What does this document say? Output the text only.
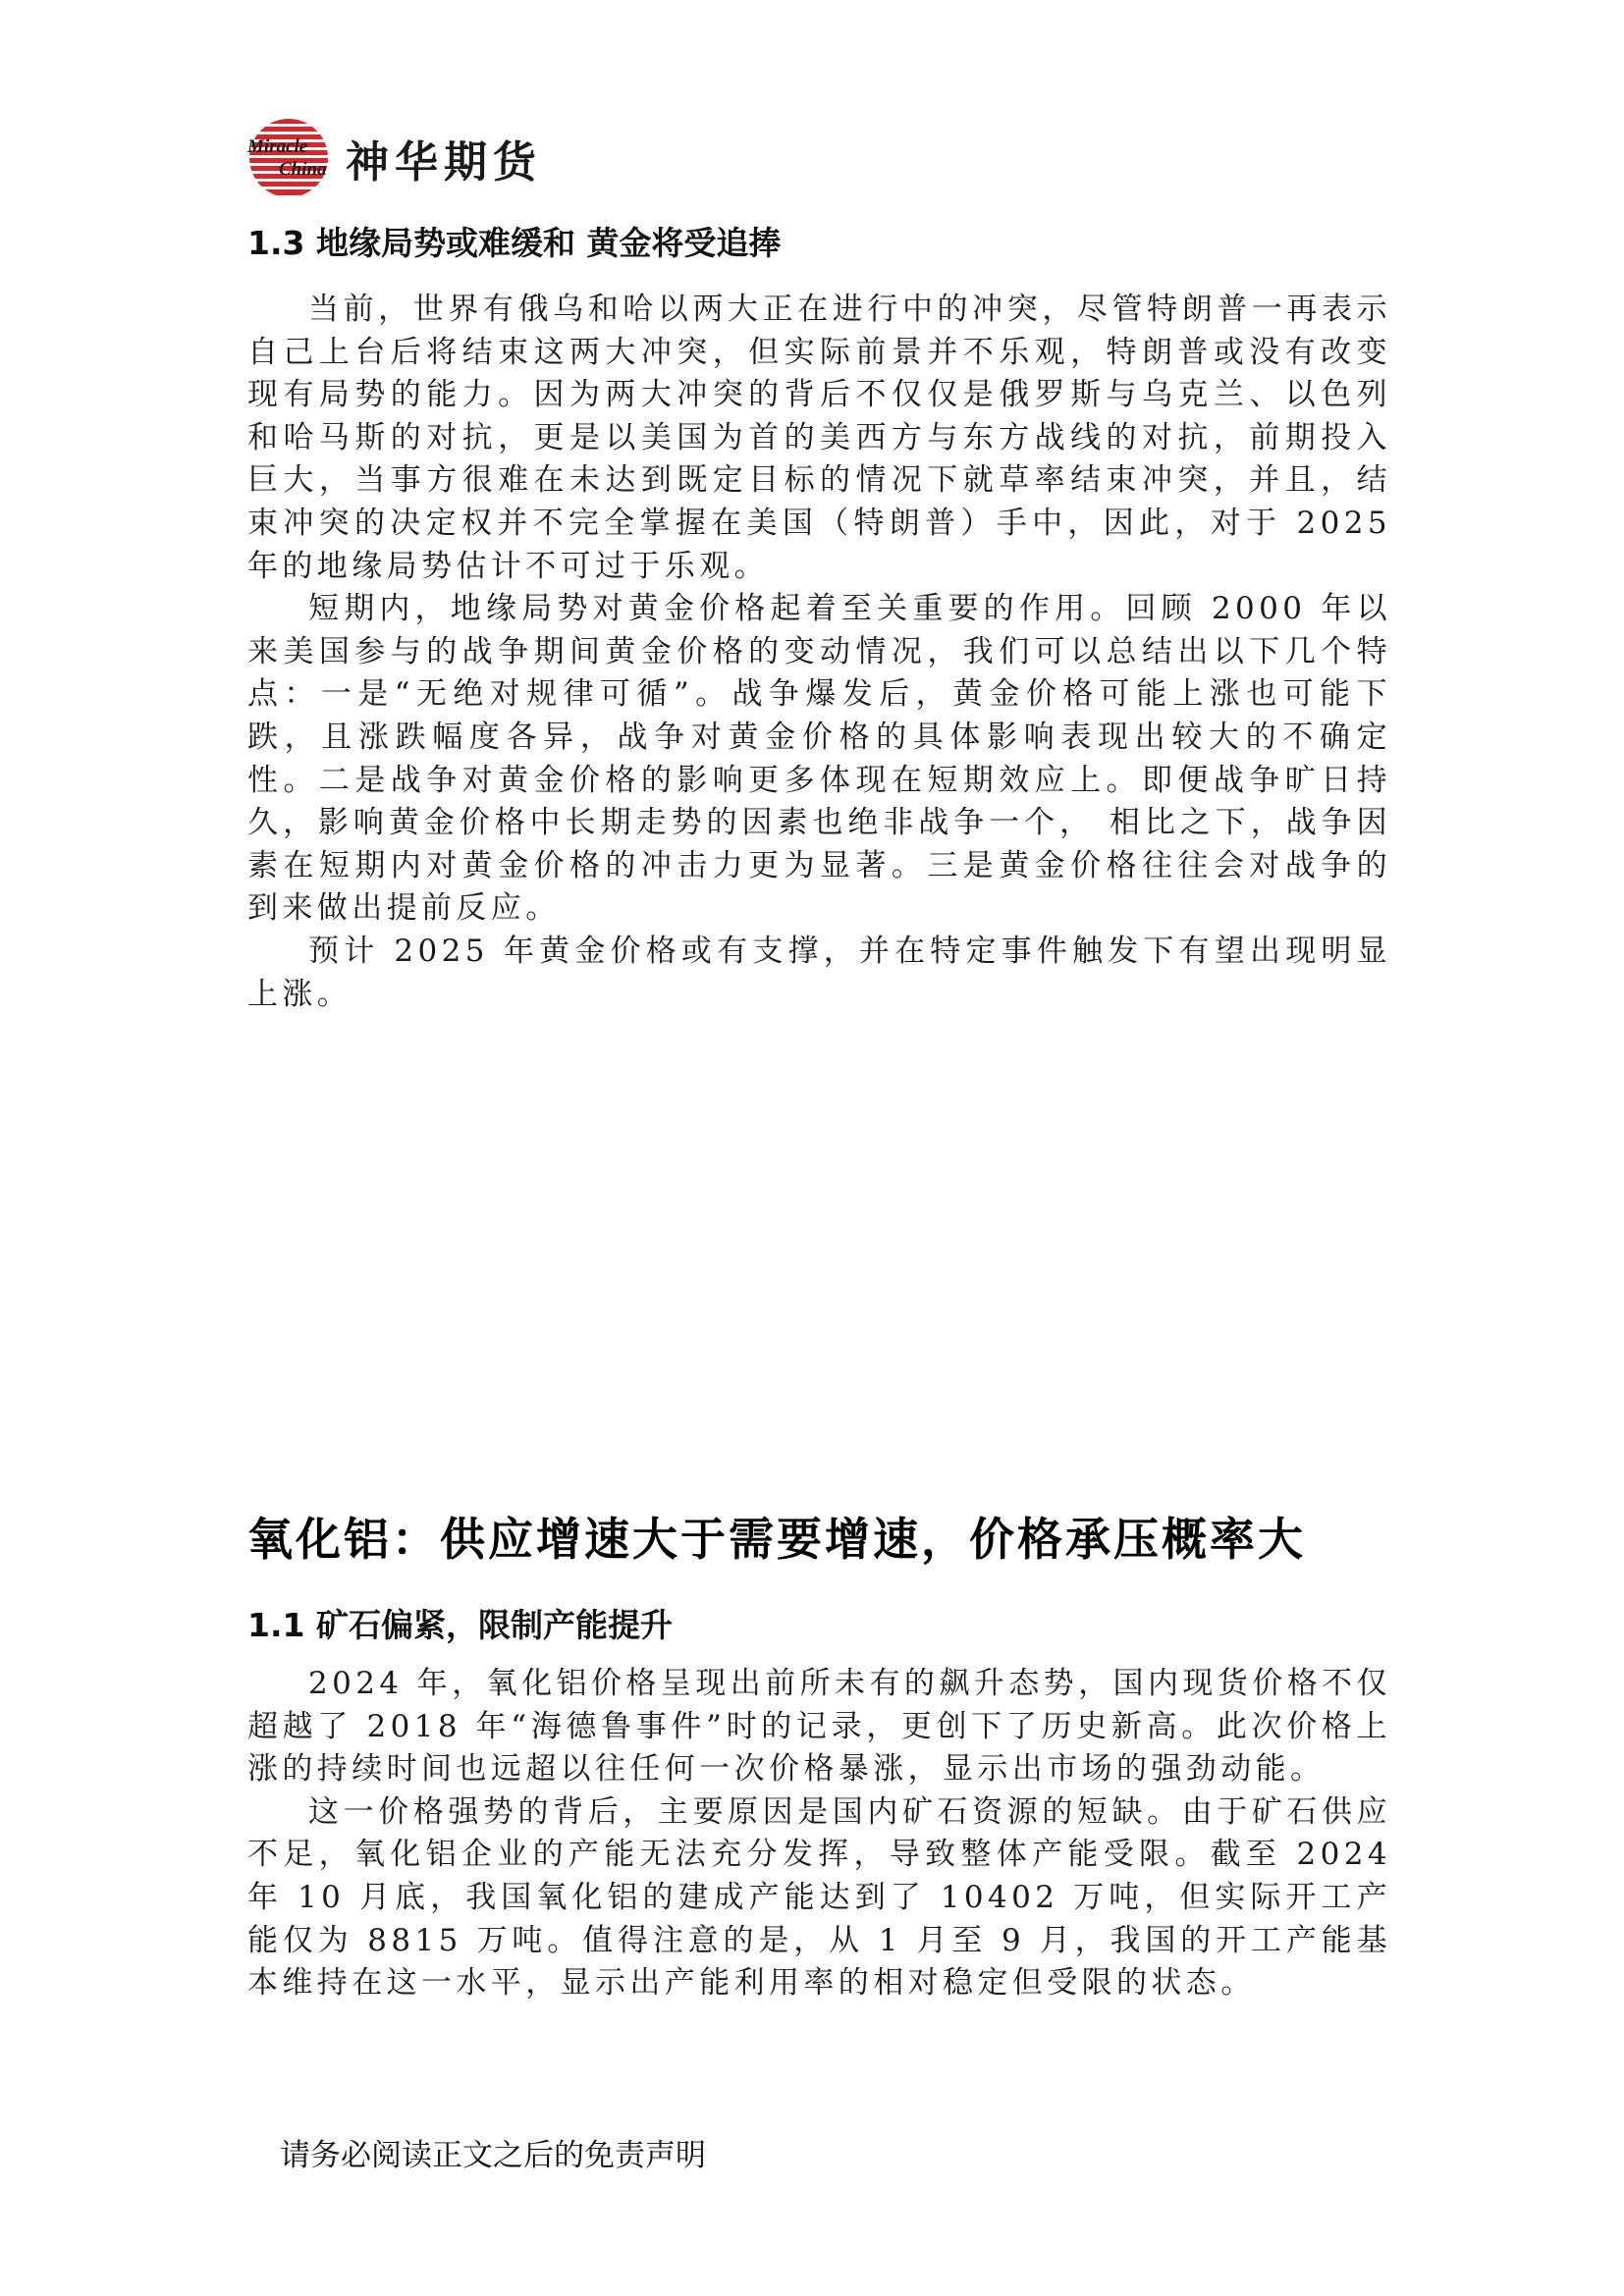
Miracle
China 神华期货
1.3 地缘局势或难缓和 黄金将受追捧

当前，世界有俄乌和哈以两大正在进行中的冲突，尽管特朗普一再表示自己上台后将结束这两大冲突，但实际前景并不乐观，特朗普或没有改变现有局势的能力。因为两大冲突的背后不仅仅是俄罗斯与乌克兰、以色列和哈马斯的对抗，更是以美国为首的美西方与东方战线的对抗，前期投入巨大，当事方很难在未达到既定目标的情况下就草率结束冲突，并且，结束冲突的决定权并不完全掌握在美国（特朗普）手中，因此，对于 2025 年的地缘局势估计不可过于乐观。

短期内，地缘局势对黄金价格起着至关重要的作用。回顾 2000 年以来美国参与的战争期间黄金价格的变动情况，我们可以总结出以下几个特点：一是“无绝对规律可循”。战争爆发后，黄金价格可能上涨也可能下跌，且涨跌幅度各异，战争对黄金价格的具体影响表现出较大的不确定性。二是战争对黄金价格的影响更多体现在短期效应上。即便战争旷日持久，影响黄金价格中长期走势的因素也绝非战争一个， 相比之下，战争因素在短期内对黄金价格的冲击力更为显著。三是黄金价格往往会对战争的到来做出提前反应。

预计 2025 年黄金价格或有支撑，并在特定事件触发下有望出现明显上涨。

氧化铝：供应增速大于需要增速，价格承压概率大
1.1 矿石偏紧，限制产能提升

2024 年，氧化铝价格呈现出前所未有的飙升态势，国内现货价格不仅超越了 2018 年“海德鲁事件”时的记录，更创下了历史新高。此次价格上涨的持续时间也远超以往任何一次价格暴涨，显示出市场的强劲动能。

这一价格强势的背后，主要原因是国内矿石资源的短缺。由于矿石供应不足，氧化铝企业的产能无法充分发挥，导致整体产能受限。截至 2024 年 10 月底，我国氧化铝的建成产能达到了 10402 万吨，但实际开工产能仅为 8815 万吨。值得注意的是，从 1 月至 9 月，我国的开工产能基本维持在这一水平，显示出产能利用率的相对稳定但受限的状态。

请务必阅读正文之后的免责声明
